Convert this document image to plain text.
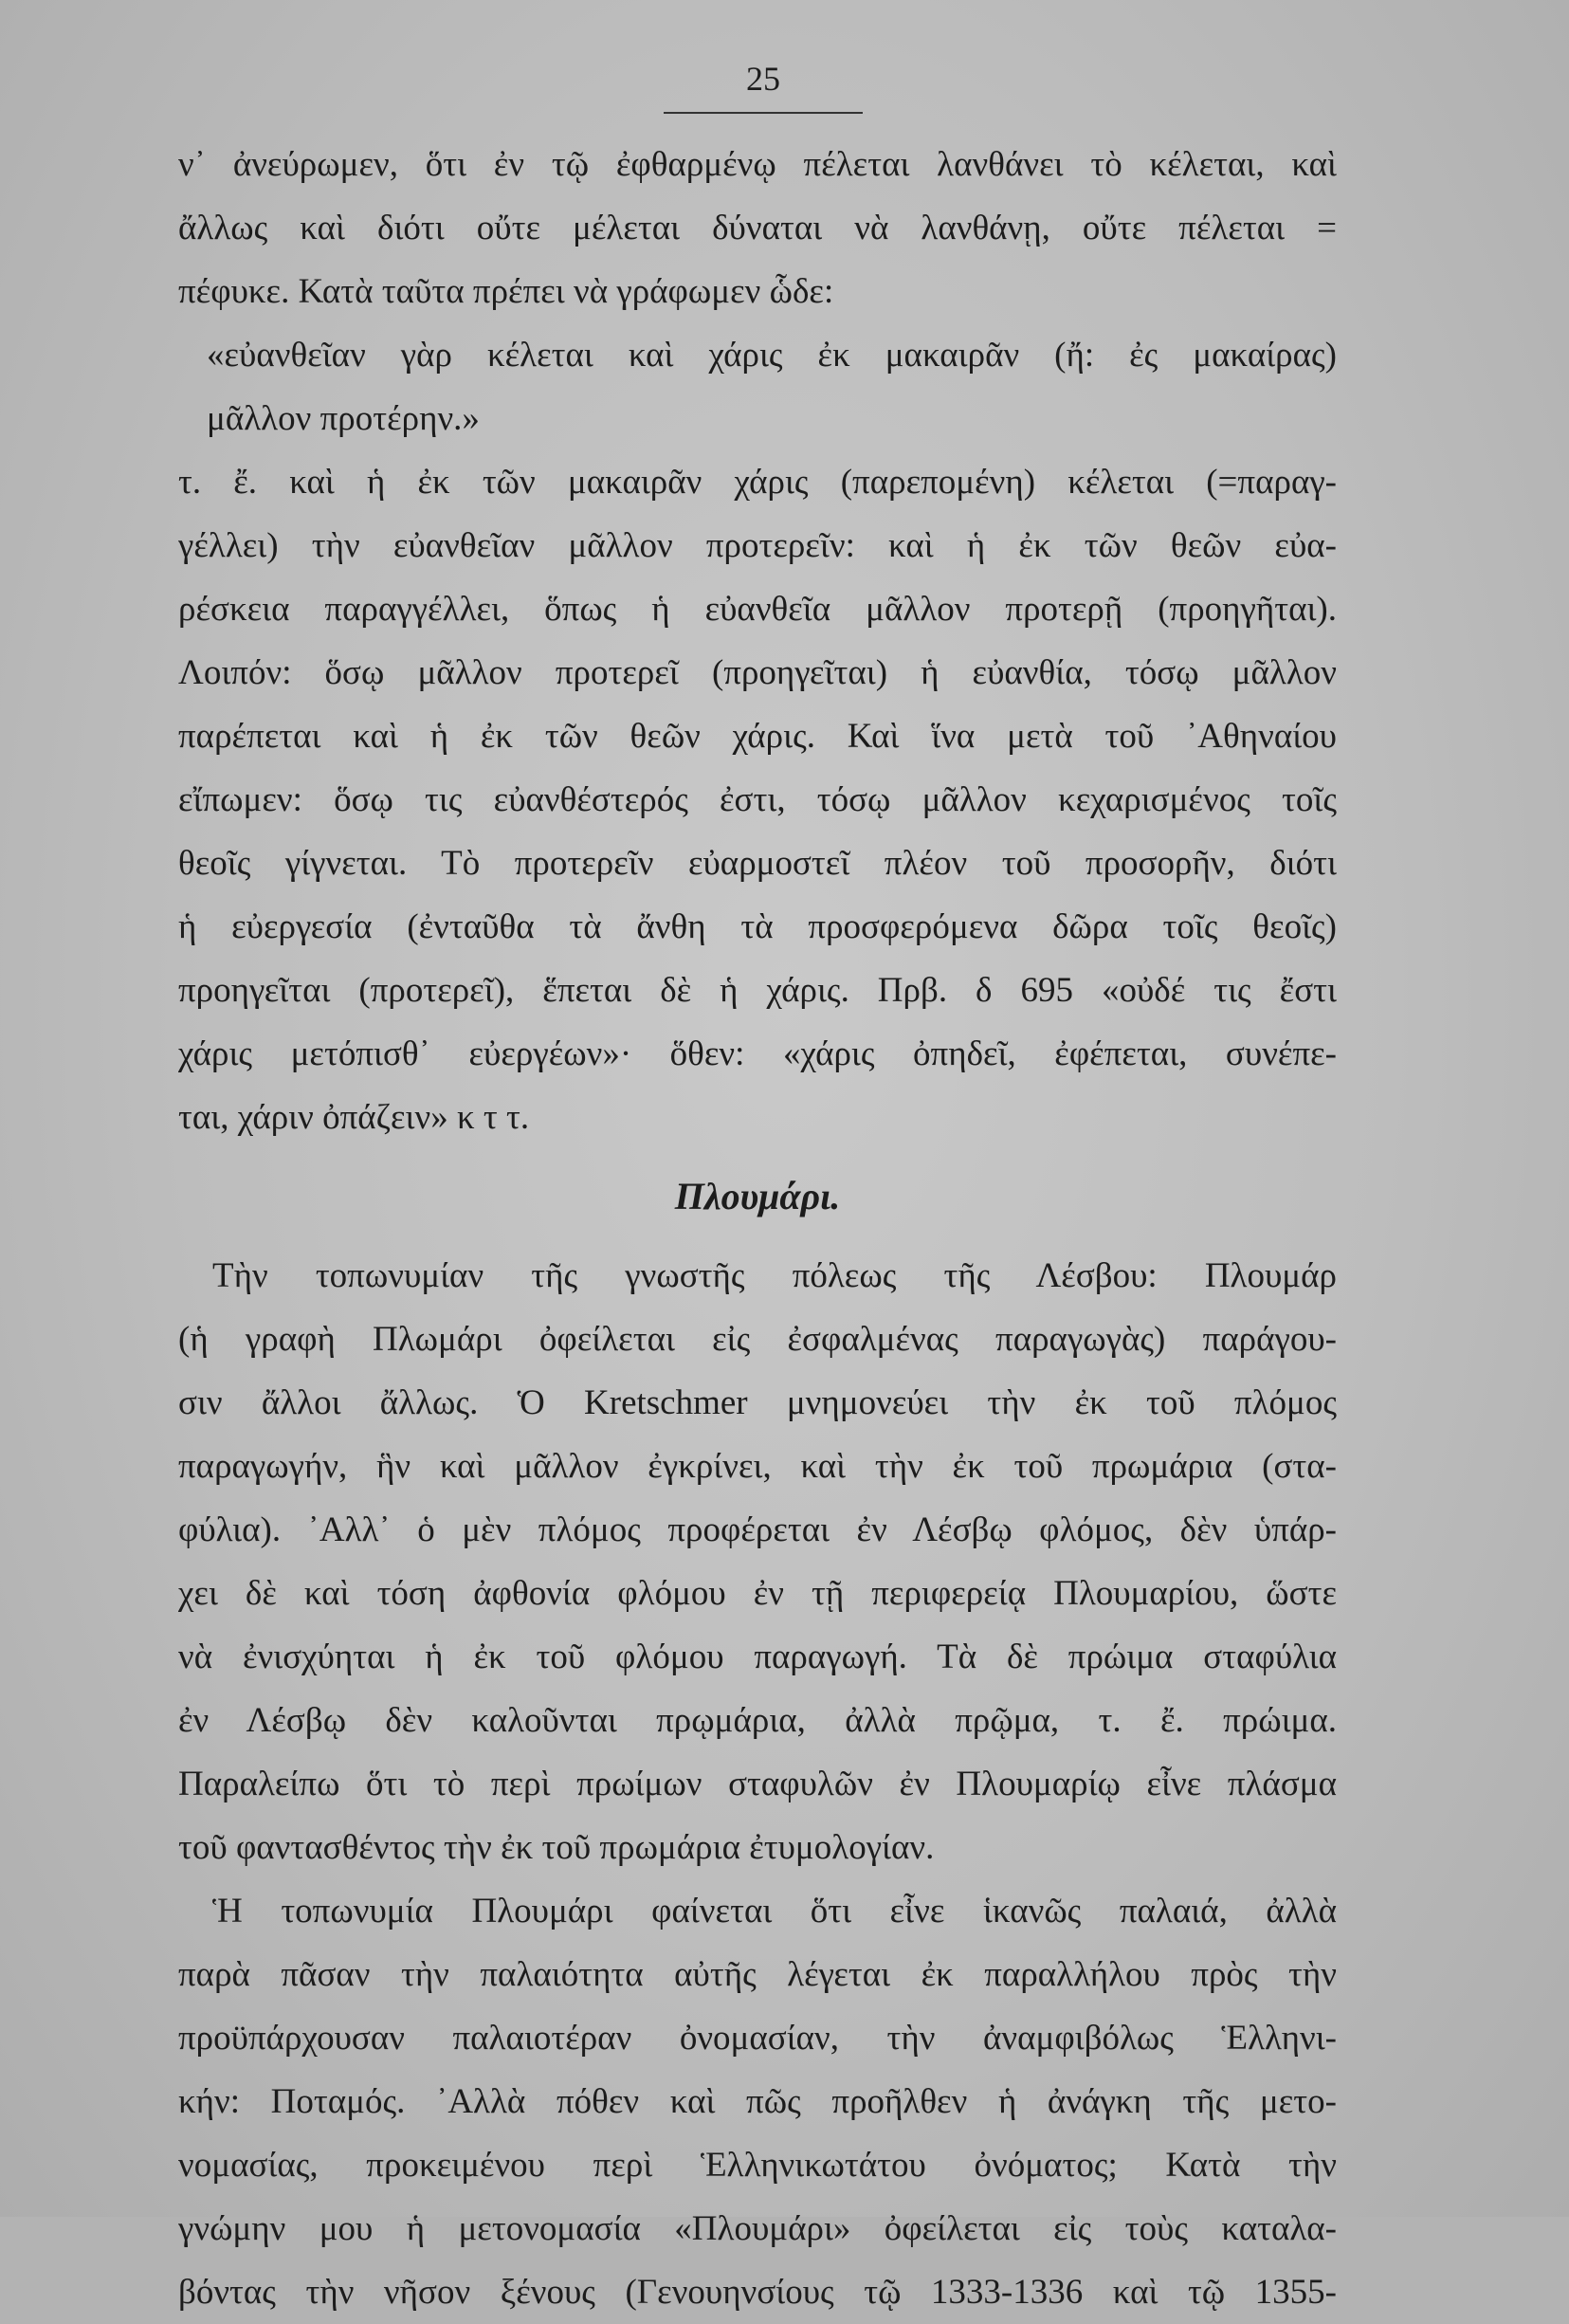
25
ν᾽ ἀνεύρωμεν, ὅτι ἐν τῷ ἐφθαρμένῳ πέλεται λανθάνει τὸ κέλεται, καὶ
ἄλλως καὶ διότι οὔτε μέλεται δύναται νὰ λανθάνῃ, οὔτε πέλεται =
πέφυκε. Κατὰ ταῦτα πρέπει νὰ γράφωμεν ὧδε:
«εὐανθεῖαν γὰρ κέλεται καὶ χάρις ἐκ μακαιρᾶν (ἤ: ἐς μακαίρας)
μᾶλλον προτέρην.»
τ. ἔ. καὶ ἡ ἐκ τῶν μακαιρᾶν χάρις (παρεπομένη) κέλεται (=παραγ-
γέλλει) τὴν εὐανθεῖαν μᾶλλον προτερεῖν: καὶ ἡ ἐκ τῶν θεῶν εὐα-
ρέσκεια παραγγέλλει, ὅπως ἡ εὐανθεῖα μᾶλλον προτερῇ (προηγῆται).
Λοιπόν: ὅσῳ μᾶλλον προτερεῖ (προηγεῖται) ἡ εὐανθία, τόσῳ μᾶλλον
παρέπεται καὶ ἡ ἐκ τῶν θεῶν χάρις. Καὶ ἵνα μετὰ τοῦ ᾿Αθηναίου
εἴπωμεν: ὅσῳ τις εὐανθέστερός ἐστι, τόσῳ μᾶλλον κεχαρισμένος τοῖς
θεοῖς γίγνεται. Τὸ προτερεῖν εὐαρμοστεῖ πλέον τοῦ προσορῆν, διότι
ἡ εὐεργεσία (ἐνταῦθα τὰ ἄνθη τὰ προσφερόμενα δῶρα τοῖς θεοῖς)
προηγεῖται (προτερεῖ), ἕπεται δὲ ἡ χάρις. Πρβ. δ 695 «οὐδέ τις ἔστι
χάρις μετόπισθ᾽ εὐεργέων»· ὅθεν: «χάρις ὀπηδεῖ, ἐφέπεται, συνέπε-
ται, χάριν ὀπάζειν» κ τ τ.
Πλουμάρι.
Τὴν τοπωνυμίαν τῆς γνωστῆς πόλεως τῆς Λέσβου: Πλουμάρ
(ἡ γραφὴ Πλωμάρι ὀφείλεται εἰς ἐσφαλμένας παραγωγὰς) παράγου-
σιν ἄλλοι ἄλλως. Ὁ Kretschmer μνημονεύει τὴν ἐκ τοῦ πλόμος
παραγωγήν, ἣν καὶ μᾶλλον ἐγκρίνει, καὶ τὴν ἐκ τοῦ πρωμάρια (στα-
φύλια). ᾿Αλλ᾽ ὁ μὲν πλόμος προφέρεται ἐν Λέσβῳ φλόμος, δὲν ὑπάρ-
χει δὲ καὶ τόση ἀφθονία φλόμου ἐν τῇ περιφερείᾳ Πλουμαρίου, ὥστε
νὰ ἐνισχύηται ἡ ἐκ τοῦ φλόμου παραγωγή. Τὰ δὲ πρώιμα σταφύλια
ἐν Λέσβῳ δὲν καλοῦνται πρῳμάρια, ἀλλὰ πρῷμα, τ. ἔ. πρώιμα.
Παραλείπω ὅτι τὸ περὶ πρωίμων σταφυλῶν ἐν Πλουμαρίῳ εἶνε πλάσμα
τοῦ φαντασθέντος τὴν ἐκ τοῦ πρωμάρια ἐτυμολογίαν.
Ἡ τοπωνυμία Πλουμάρι φαίνεται ὅτι εἶνε ἱκανῶς παλαιά, ἀλλὰ
παρὰ πᾶσαν τὴν παλαιότητα αὐτῆς λέγεται ἐκ παραλλήλου πρὸς τὴν
προϋπάρχουσαν παλαιοτέραν ὀνομασίαν, τὴν ἀναμφιβόλως Ἑλληνι-
κήν: Ποταμός. ᾿Αλλὰ πόθεν καὶ πῶς προῆλθεν ἡ ἀνάγκη τῆς μετο-
νομασίας, προκειμένου περὶ Ἑλληνικωτάτου ὀνόματος; Κατὰ τὴν
γνώμην μου ἡ μετονομασία «Πλουμάρι» ὀφείλεται εἰς τοὺς καταλα-
βόντας τὴν νῆσον ξένους (Γενουηνσίους τῷ 1333-1336 καὶ τῷ 1355-
